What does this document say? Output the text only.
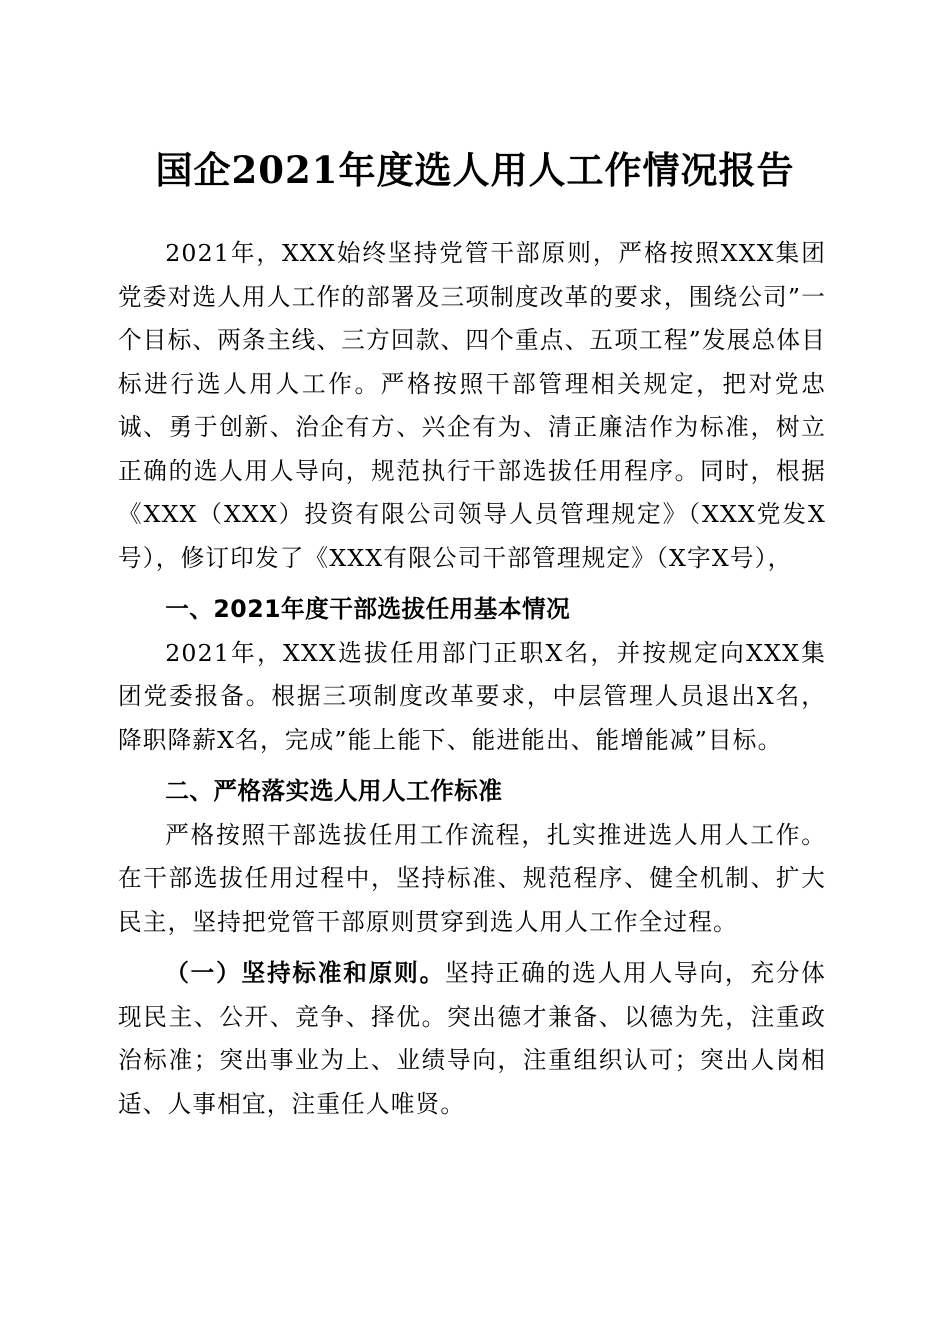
国企2021年度选人用人工作情况报告

2021年，XXX始终坚持党管干部原则，严格按照XXX集团党委对选人用人工作的部署及三项制度改革的要求，围绕公司”一个目标、两条主线、三方回款、四个重点、五项工程”发展总体目标进行选人用人工作。严格按照干部管理相关规定，把对党忠诚、勇于创新、治企有方、兴企有为、清正廉洁作为标准，树立正确的选人用人导向，规范执行干部选拔任用程序。同时，根据《XXX（XXX）投资有限公司领导人员管理规定》（XXX党发X号），修订印发了《XXX有限公司干部管理规定》（X字X号），

一、2021年度干部选拔任用基本情况

2021年，XXX选拔任用部门正职X名，并按规定向XXX集团党委报备。根据三项制度改革要求，中层管理人员退出X名，降职降薪X名，完成”能上能下、能进能出、能增能减”目标。

二、严格落实选人用人工作标准

严格按照干部选拔任用工作流程，扎实推进选人用人工作。在干部选拔任用过程中，坚持标准、规范程序、健全机制、扩大民主，坚持把党管干部原则贯穿到选人用人工作全过程。

（一）坚持标准和原则。坚持正确的选人用人导向，充分体现民主、公开、竞争、择优。突出德才兼备、以德为先，注重政治标准；突出事业为上、业绩导向，注重组织认可；突出人岗相适、人事相宜，注重任人唯贤。
